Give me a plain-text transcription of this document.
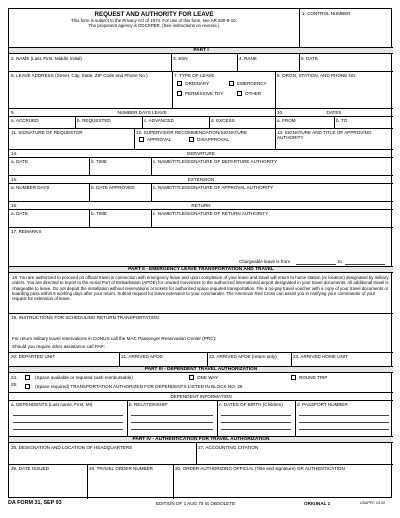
REQUEST AND AUTHORITY FOR LEAVE
This form is subject to the Privacy Act of 1974. For use of this form, see AR 600-8-10.
The proponent agency is ODCSPER. (See instructions on reverse.)
1. CONTROL NUMBER
PART I
2. NAME (Last, First, Middle Initial)	3. SSN	4. RANK	5. DATE
6. LEAVE ADDRESS (Street, City, State, ZIP Code and Phone No.)	7. TYPE OF LEAVE
ORDINARY	EMERGENCY
PERMISSIVE TDY	OTHER
8. ORGN, STATION, AND PHONE NO.
9.	NUMBER DAYS LEAVE	10.	DATES
a. ACCRUED	b. REQUESTED	c. ADVANCED	d. EXCESS	a. FROM	b. TO
11. SIGNATURE OF REQUESTOR	12. SUPERVISOR RECOMMENDATION/SIGNATURE
APPROVAL	DISAPPROVAL
13. SIGNATURE AND TITLE OF APPROVING AUTHORITY
14.	DEPARTURE
a. DATE	b. TIME	c. NAME/TITLE/SIGNATURE OF DEPARTURE AUTHORITY
15.	EXTENSION
a. NUMBER DAYS	b. DATE APPROVED	c. NAME/TITLE/SIGNATURE OF APPROVAL AUTHORITY
16.	RETURN
a. DATE	b. TIME	c. NAME/TITLE/SIGNATURE OF RETURN AUTHORITY
17. REMARKS
Chargeable leave is from	to
PART II - EMERGENCY LEAVE TRANSPORTATION AND TRAVEL
18. You are authorized to proceed on official travel in connection with emergency leave and upon completion of your leave and travel will return to home station (or location) designated by military orders. You are directed to report to the Aerial Port of Embarkation (APOE) for onward movement to the authorized international airport designated in your travel documents. All additional travel is chargeable to leave. Do not depart the installation without reservations or tickets for authorized space required transportation. File a no-pay travel voucher with a copy of your travel documents or boarding pass within 5 working days after your return. Submit request for leave extension to your commander. The American Red Cross can assist you in notifying your commander of your request for extension of leave.
19. INSTRUCTIONS FOR SCHEDULING RETURN TRANSPORTATION:
For return military travel reservations in CONUS call the MAC Passenger Reservation Center (PRC):
Should you require other assistance call PAP:
20. DEPARTED UNIT	21. ARRIVED APOD	22. ARRIVED APOE (return only)	23. ARRIVED HOME UNIT
PART III - DEPENDENT TRAVEL AUTHORIZATION
24.
25.
(Space available or required cash reimbursable)	ONE WAY	ROUND TRIP
(Space required) TRANSPORTATION AUTHORIZED FOR DEPENDENTS LISTED IN BLOCK NO. 25
DEPENDENT INFORMATION
a. DEPENDENTS (Last name, First, MI)	b. RELATIONSHIP	c. DATES OF BIRTH (Children)	d. PASSPORT NUMBER
PART IV - AUTHENTICATION FOR TRAVEL AUTHORIZATION
26. DESIGNATION AND LOCATION OF HEADQUARTERS	27. ACCOUNTING CITATION
28. DATE ISSUED	29. TRAVEL ORDER NUMBER	30. ORDER AUTHORIZING OFFICIAL (Title and signature) OR AUTHENTICATION
DA FORM 31, SEP 93	EDITION OF 1 AUG 75 IS OBSOLETE	ORIGINAL 1	USAPPC V4.00
